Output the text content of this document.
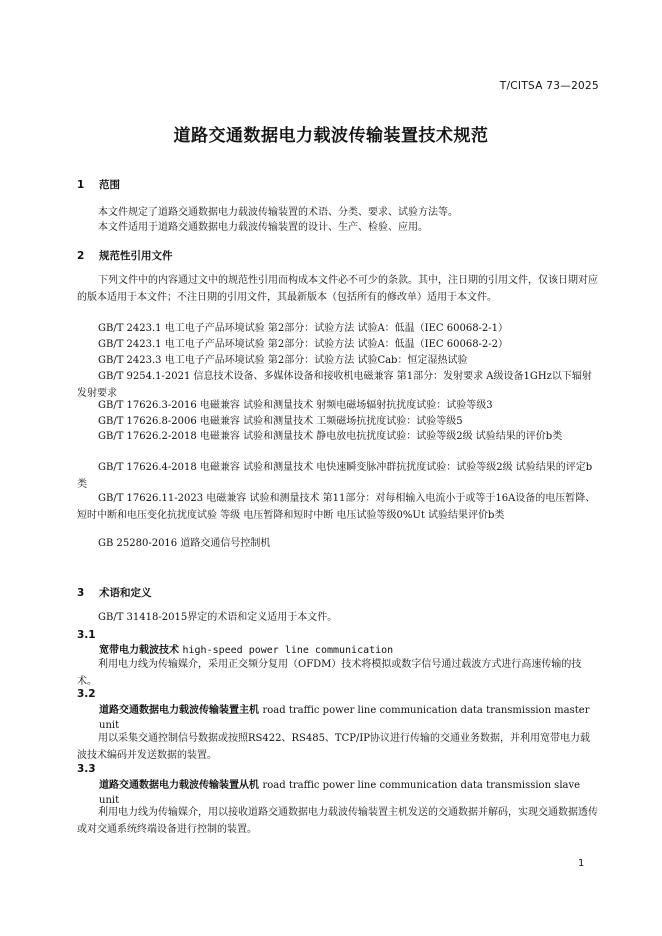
T/CITSA 73—2025
道路交通数据电力载波传输装置技术规范
1 范围
本文件规定了道路交通数据电力载波传输装置的术语、分类、要求、试验方法等。
本文件适用于道路交通数据电力载波传输装置的设计、生产、检验、应用。
2 规范性引用文件
下列文件中的内容通过文中的规范性引用而构成本文件必不可少的条款。其中，注日期的引用文件，仅该日期对应的版本适用于本文件；不注日期的引用文件，其最新版本（包括所有的修改单）适用于本文件。
GB/T 2423.1 电工电子产品环境试验 第2部分：试验方法 试验A：低温（IEC 60068-2-1）
GB/T 2423.1 电工电子产品环境试验 第2部分：试验方法 试验A：低温（IEC 60068-2-2）
GB/T 2423.3 电工电子产品环境试验 第2部分：试验方法 试验Cab：恒定湿热试验
GB/T 9254.1-2021 信息技术设备、多媒体设备和接收机电磁兼容 第1部分：发射要求 A级设备1GHz以下辐射发射要求
GB/T 17626.3-2016 电磁兼容 试验和测量技术 射频电磁场辐射抗扰度试验：试验等级3
GB/T 17626.8-2006 电磁兼容 试验和测量技术 工频磁场抗扰度试验：试验等级5
GB/T 17626.2-2018 电磁兼容 试验和测量技术 静电放电抗扰度试验：试验等级2级 试验结果的评价b类
GB/T 17626.4-2018 电磁兼容 试验和测量技术 电快速瞬变脉冲群抗扰度试验：试验等级2级 试验结果的评定b类
GB/T 17626.11-2023 电磁兼容 试验和测量技术 第11部分：对每相输入电流小于或等于16A设备的电压暂降、短时中断和电压变化抗扰度试验 等级 电压暂降和短时中断 电压试验等级0%Ut 试验结果评价b类
GB 25280-2016 道路交通信号控制机
3 术语和定义
GB/T 31418-2015界定的术语和定义适用于本文件。
3.1
宽带电力载波技术 high-speed power line communication
利用电力线为传输媒介，采用正交频分复用（OFDM）技术将模拟或数字信号通过载波方式进行高速传输的技术。
3.2
道路交通数据电力载波传输装置主机 road traffic power line communication data transmission master unit
用以采集交通控制信号数据或按照RS422、RS485、TCP/IP协议进行传输的交通业务数据，并利用宽带电力载波技术编码并发送数据的装置。
3.3
道路交通数据电力载波传输装置从机 road traffic power line communication data transmission slave unit
利用电力线为传输媒介，用以接收道路交通数据电力载波传输装置主机发送的交通数据并解码，实现交通数据透传或对交通系统终端设备进行控制的装置。
1
